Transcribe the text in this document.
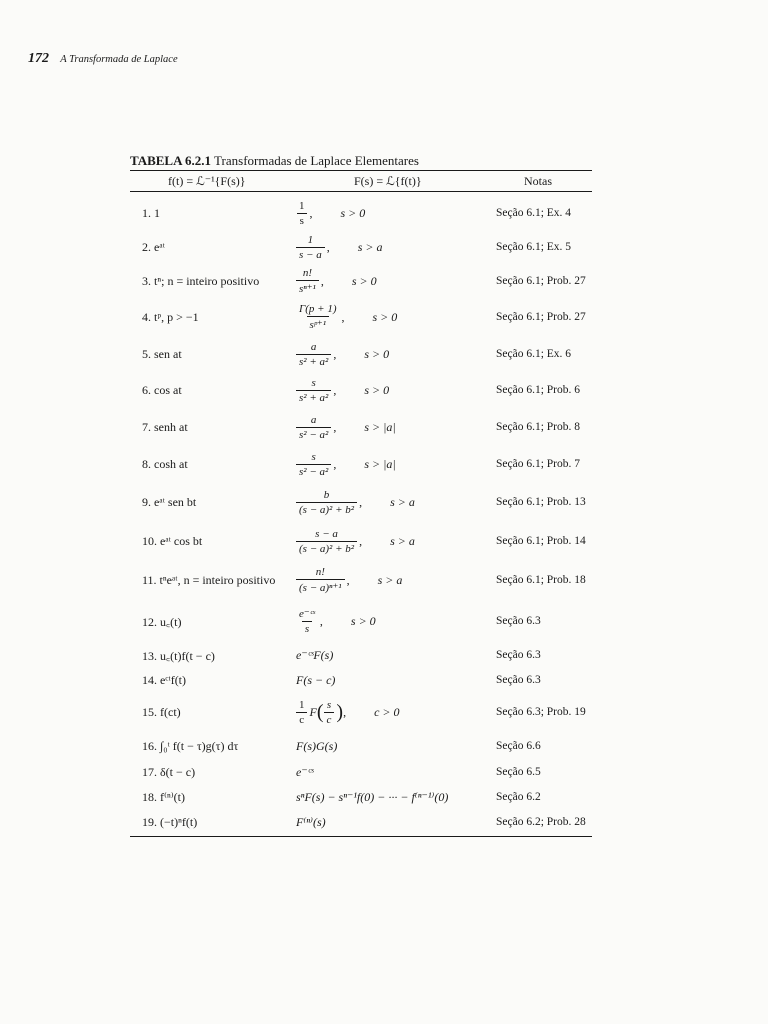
172 A Transformada de Laplace
TABELA 6.2.1 Transformadas de Laplace Elementares
f(t) = ℒ⁻¹{F(s)}	F(s) = ℒ{f(t)}	Notas
1. 1	$\frac{1}{s}$ , s > 0	Seção 6.1; Ex. 4
2. eᵃᵗ	$\frac{1}{s - a}$ , s > a	Seção 6.1; Ex. 5
3. tⁿ; n = inteiro positivo	$\frac{n!}{\text{sⁿ⁺¹}}$ , s > 0	Seção 6.1; Prob. 27
4. tᵖ, p > −1	$\frac{\Gamma(p + 1)}{\text{sᵖ⁺¹}}$ , s > 0	Seção 6.1; Prob. 27
5. sen at	$\frac{a}{\text{s² + a²}}$ , s > 0	Seção 6.1; Ex. 6
6. cos at	$\frac{s}{\text{s² + a²}}$ , s > 0	Seção 6.1; Prob. 6
7. senh at	$\frac{a}{\text{s² − a²}}$ , s > |a|	Seção 6.1; Prob. 8
8. cosh at	$\frac{s}{\text{s² − a²}}$ , s > |a|	Seção 6.1; Prob. 7
9. eᵃᵗ sen bt	$\frac{b}{\text{(s − a)² + b²}}$ , s > a	Seção 6.1; Prob. 13
10. eᵃᵗ cos bt	$\frac{s - a}{\text{(s − a)² + b²}}$ , s > a	Seção 6.1; Prob. 14
11. tⁿeᵃᵗ, n = inteiro positivo	$\frac{n!}{\text{(s − a)ⁿ⁺¹}}$ , s > a	Seção 6.1; Prob. 18
12. u꜀(t)	$\frac{\text{e⁻ᶜˢ}}{s}$ , s > 0	Seção 6.3
13. u꜀(t)f(t − c)	e⁻ᶜˢF(s)	Seção 6.3
14. eᶜᵗf(t)	F(s − c)	Seção 6.3
15. f(ct)	$\frac{1}{c}$ F ( $\frac{s}{c}$ ) , c > 0	Seção 6.3; Prob. 19
16. ∫₀ᵗ f(t − τ)g(τ) dτ	F(s)G(s)	Seção 6.6
17. δ(t − c)	e⁻ᶜˢ	Seção 6.5
18. f⁽ⁿ⁾(t)	sⁿF(s) − sⁿ⁻¹f(0) − ··· − f⁽ⁿ⁻¹⁾(0)	Seção 6.2
19. (−t)ⁿf(t)	F⁽ⁿ⁾(s)	Seção 6.2; Prob. 28
